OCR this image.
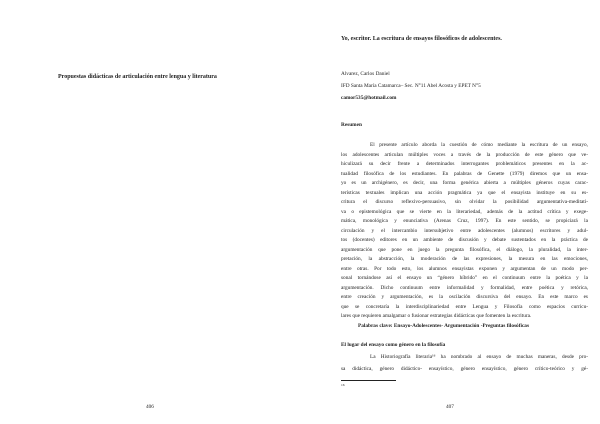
Propuestas didácticas de articulación entre lengua y literatura
406
Yo, escritor. La escritura de ensayos filosóficos de adolescentes.
Alvarez, Carlos Daniel
IFD Santa María Catamarca– Sec. N°11 Abel Acosta y EPET N°5
camor535@hotmail.com
Resumen
El presente artículo aborda la cuestión de cómo mediante la escritura de un ensayo,
los adolescentes articulan múltiples voces a través de la producción de este género que ve-
hiculizará su decir frente a determinados interrogantes problemáticos presentes en la ac-
tualidad filosófica de los estudiantes. En palabras de Genette (1979) diremos que un ensa-
yo es un archigénero, es decir, una forma genérica abierta a múltiples géneros cuyas carac-
terísticas textuales implican una acción pragmática ya que el ensayista instituye en su es-
critura el discurso reflexivo-persuasivo, sin olvidar la posibilidad argumentativa-meditati-
va o epistemológica que se vierte en la literariedad, además de la actitud crítica y exege-
mática, monológica y enunciativa (Arenas Cruz, 1997). En este sentido, se propiciará la
circulación y el intercambio intersubjetivo entre adolescentes (alumnos) escritores y adul-
tos (docentes) editores en un ambiente de discusión y debate sustentados en la práctica de
argumentación que pone en juego la pregunta filosófica, el diálogo, la pluralidad, la inter-
pretación, la abstracción, la moderación de las expresiones, la mesura en las emociones,
entre otras. Por todo esto, los alumnos ensayistas exponen y argumentan de un modo per-
sonal tornándose así el ensayo un “género híbrido” en el continuum entre la poética y la
argumentación. Dicho continuum entre informalidad y formalidad, entre poética y retórica,
entre creación y argumentación, es la oscilación discursiva del ensayo. En este marco es
que se concretaría la interdisciplinariedad entre Lengua y Filosofía como espacios curricu-
lares que requieren amalgamar o fusionar estrategias didácticas que fomenten la escritura.
Palabras clave: Ensayo-Adolescentes- Argumentación -Preguntas filosóficas
El lugar del ensayo como género en la filosofía
La Historiografía literaria¹⁶ ha nombrado al ensayo de muchas maneras, desde pro-
sa didáctica, género didáctico- ensayístico, género ensayístico, género crítico-teórico y gé-
16
407
